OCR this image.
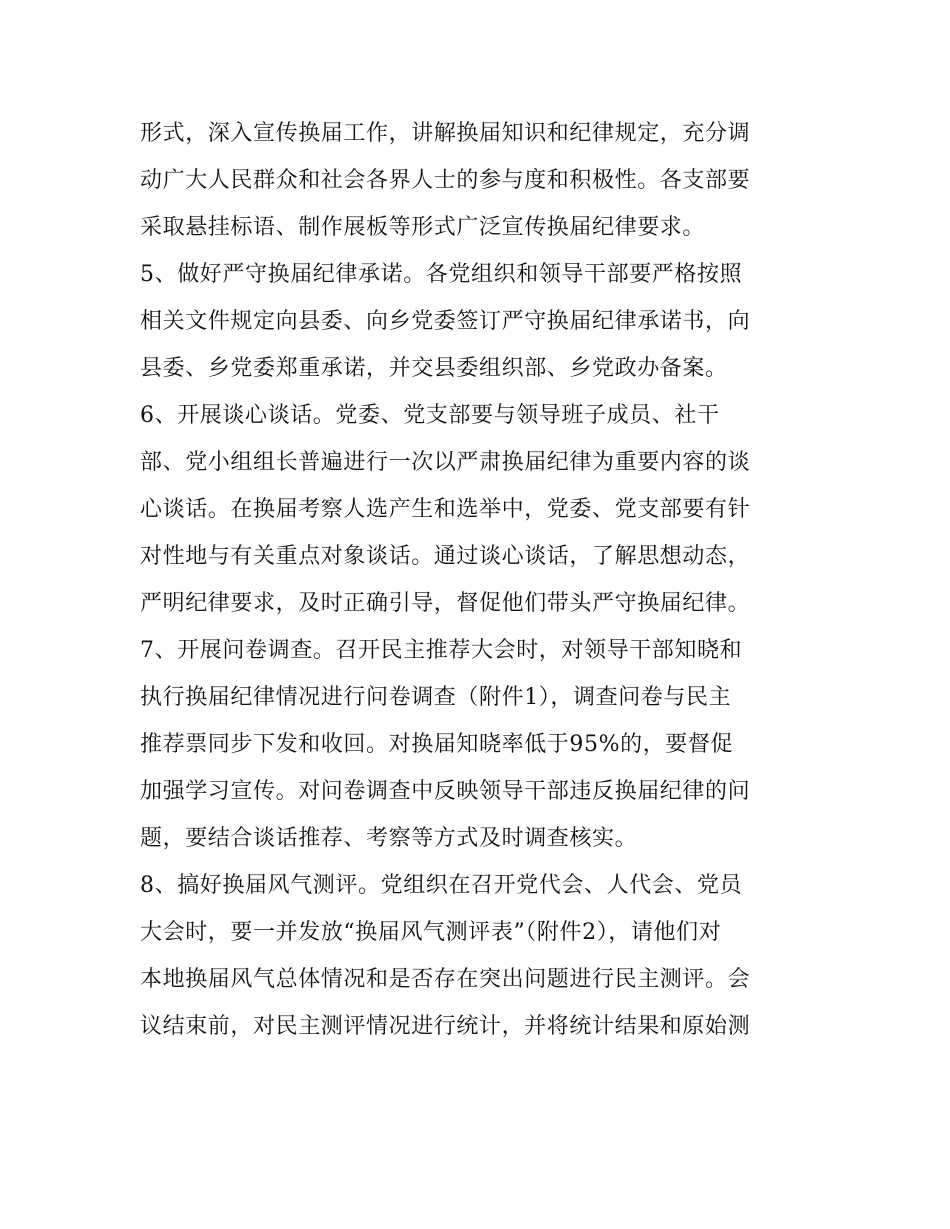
形式，深入宣传换届工作，讲解换届知识和纪律规定，充分调
动广大人民群众和社会各界人士的参与度和积极性。各支部要
采取悬挂标语、制作展板等形式广泛宣传换届纪律要求。
5、做好严守换届纪律承诺。各党组织和领导干部要严格按照
相关文件规定向县委、向乡党委签订严守换届纪律承诺书，向
县委、乡党委郑重承诺，并交县委组织部、乡党政办备案。
6、开展谈心谈话。党委、党支部要与领导班子成员、社干
部、党小组组长普遍进行一次以严肃换届纪律为重要内容的谈
心谈话。在换届考察人选产生和选举中，党委、党支部要有针
对性地与有关重点对象谈话。通过谈心谈话，了解思想动态，
严明纪律要求，及时正确引导，督促他们带头严守换届纪律。
7、开展问卷调查。召开民主推荐大会时，对领导干部知晓和
执行换届纪律情况进行问卷调查（附件1），调查问卷与民主
推荐票同步下发和收回。对换届知晓率低于95%的，要督促
加强学习宣传。对问卷调查中反映领导干部违反换届纪律的问
题，要结合谈话推荐、考察等方式及时调查核实。
8、搞好换届风气测评。党组织在召开党代会、人代会、党员
大会时，要一并发放“换届风气测评表”（附件2），请他们对
本地换届风气总体情况和是否存在突出问题进行民主测评。会
议结束前，对民主测评情况进行统计，并将统计结果和原始测
